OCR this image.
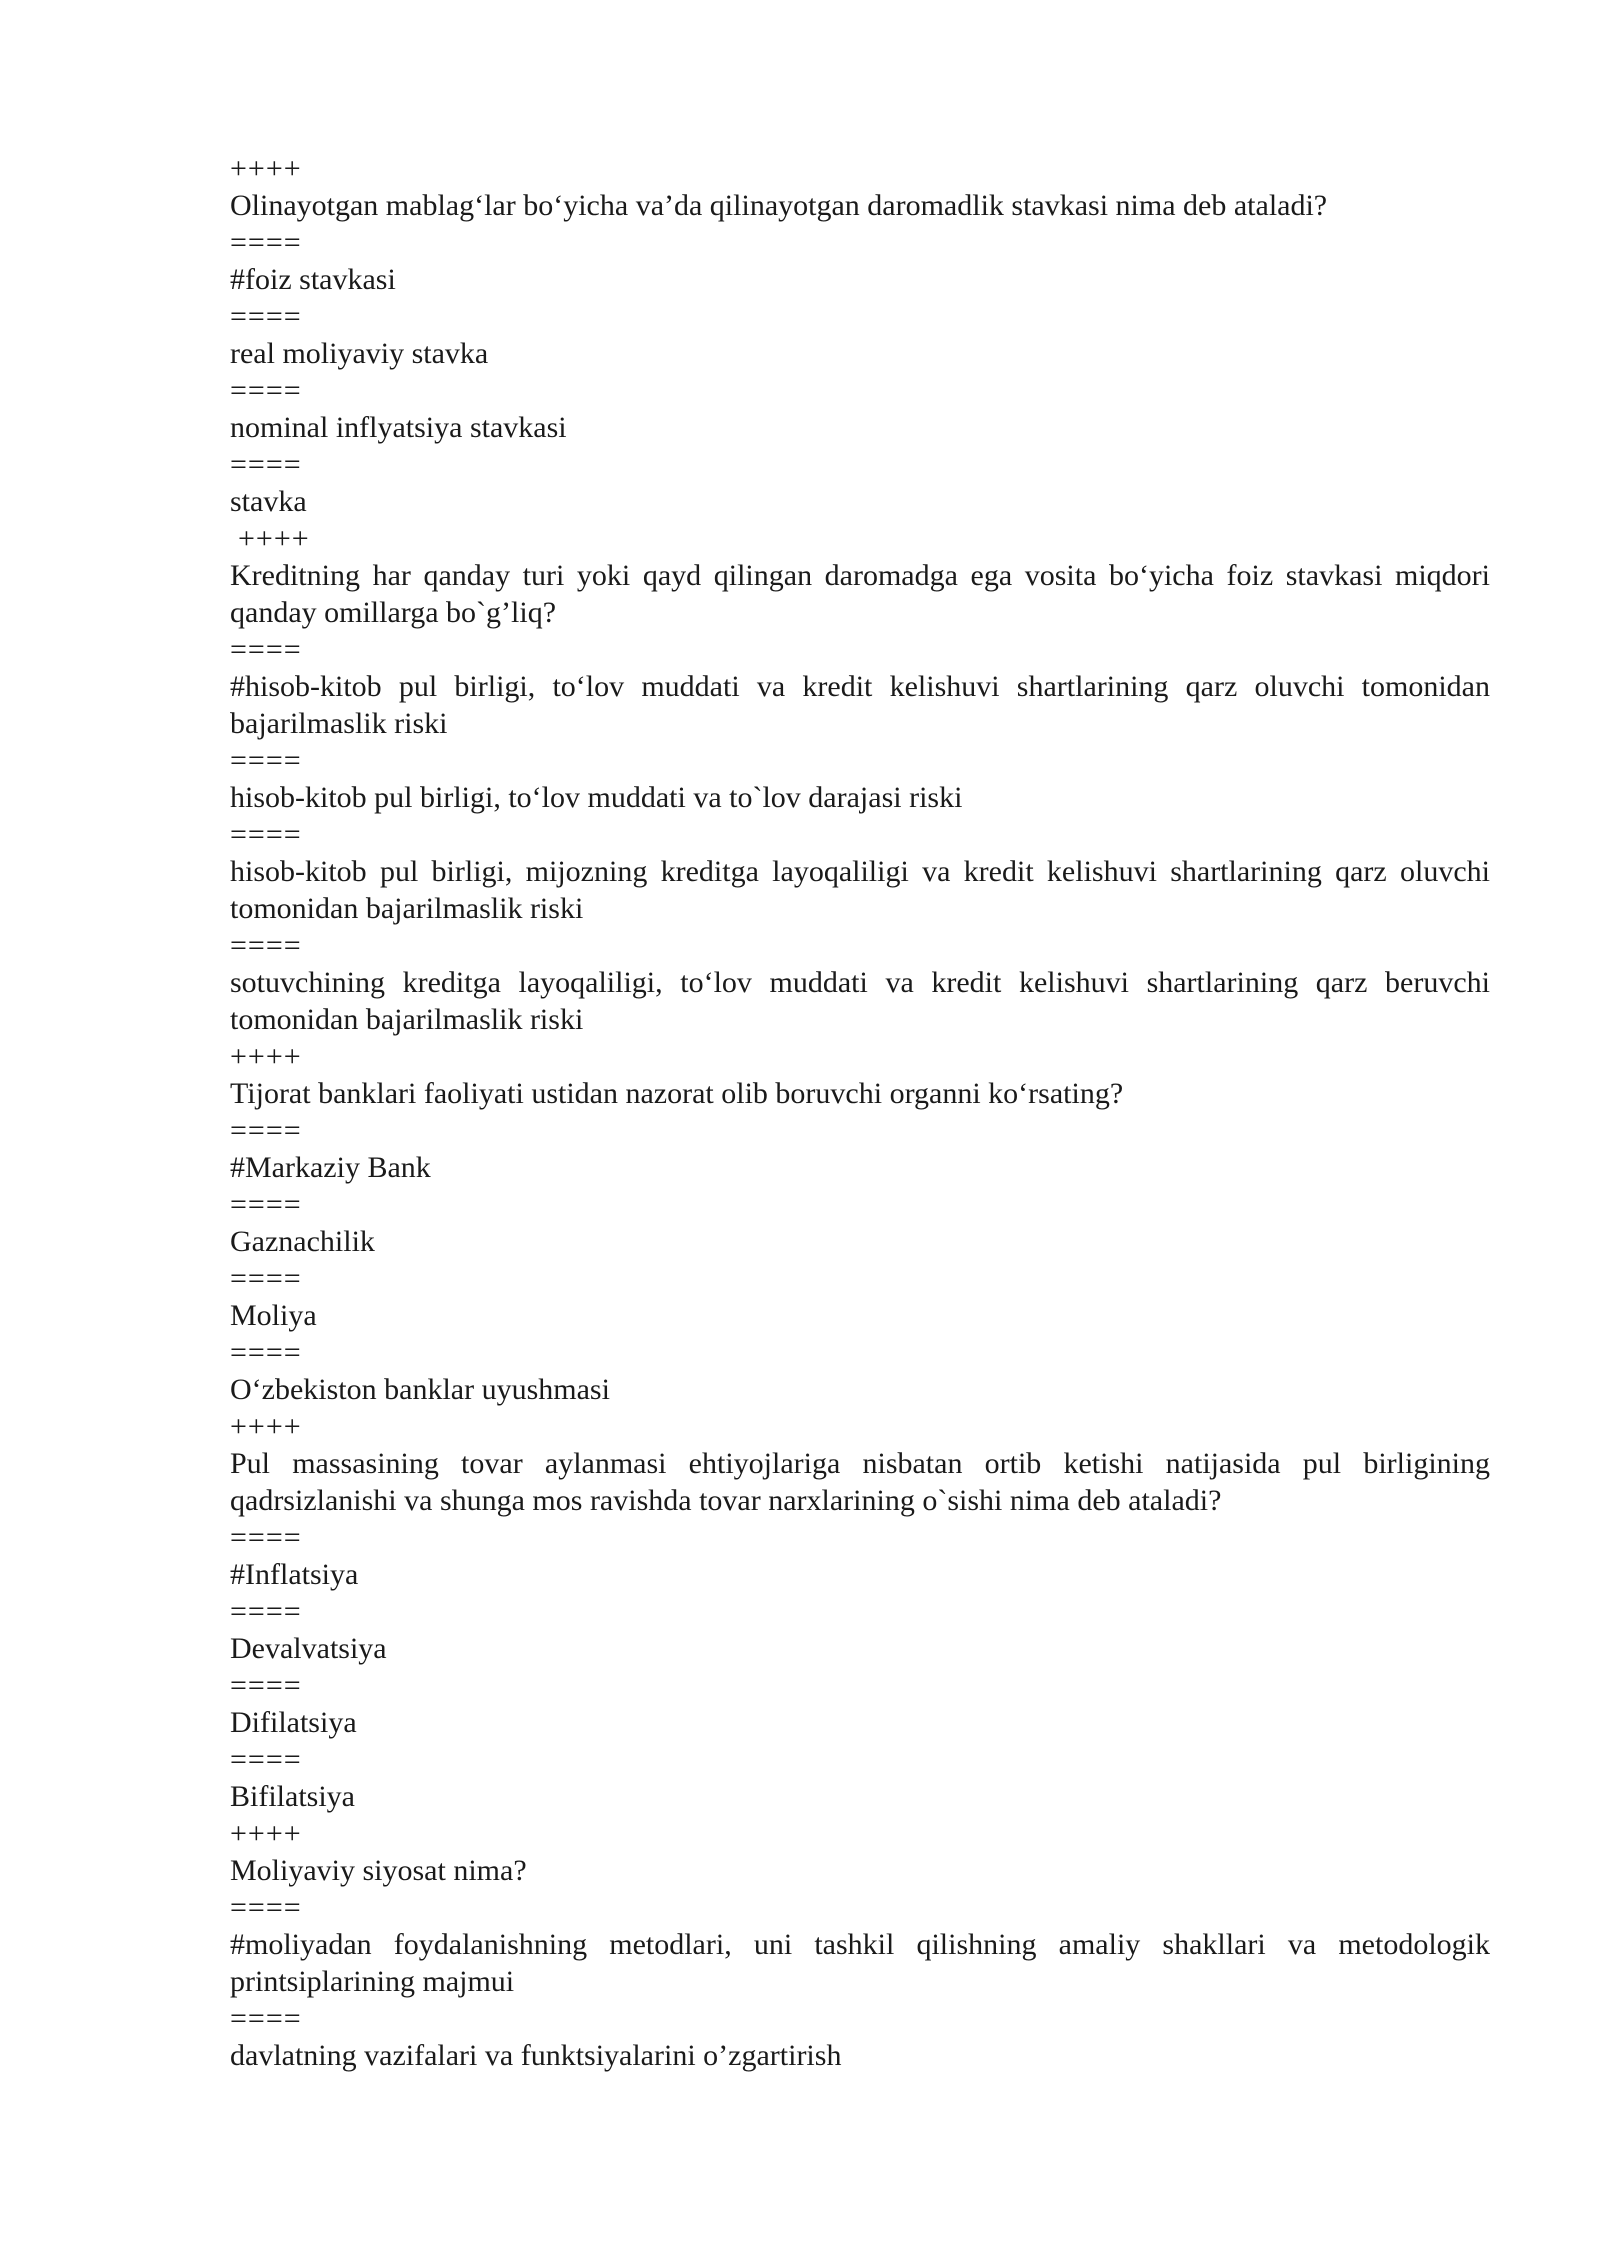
++++

Olinayotgan mablag‘lar bo‘yicha va’da qilinayotgan daromadlik stavkasi nima deb ataladi?

====

#foiz stavkasi

====

real moliyaviy stavka

====

nominal inflyatsiya stavkasi

====

stavka

++++

Kreditning har qanday turi yoki qayd qilingan daromadga ega vosita bo‘yicha foiz stavkasi miqdori qanday omillarga bo`g’liq?

====

#hisob-kitob pul birligi, to‘lov muddati va kredit kelishuvi shartlarining qarz oluvchi tomonidan bajarilmaslik riski

====

hisob-kitob pul birligi, to‘lov muddati va to`lov darajasi riski

====

hisob-kitob pul birligi, mijozning kreditga layoqaliligi va kredit kelishuvi shartlarining qarz oluvchi tomonidan bajarilmaslik riski

====

sotuvchining kreditga layoqaliligi, to‘lov muddati va kredit kelishuvi shartlarining qarz beruvchi tomonidan bajarilmaslik riski

++++

Tijorat banklari faoliyati ustidan nazorat olib boruvchi organni ko‘rsating?

====

#Markaziy Bank

====

Gaznachilik

====

Moliya

====

O‘zbekiston banklar uyushmasi

++++

Pul massasining tovar aylanmasi ehtiyojlariga nisbatan ortib ketishi natijasida pul birligining qadrsizlanishi va shunga mos ravishda tovar narxlarining o`sishi nima deb ataladi?

====

#Inflatsiya

====

Devalvatsiya

====

Difilatsiya

====

Bifilatsiya

++++

Moliyaviy siyosat nima?

====

#moliyadan foydalanishning metodlari, uni tashkil qilishning amaliy shakllari va metodologik printsiplarining majmui

====

davlatning vazifalari va funktsiyalarini o’zgartirish
